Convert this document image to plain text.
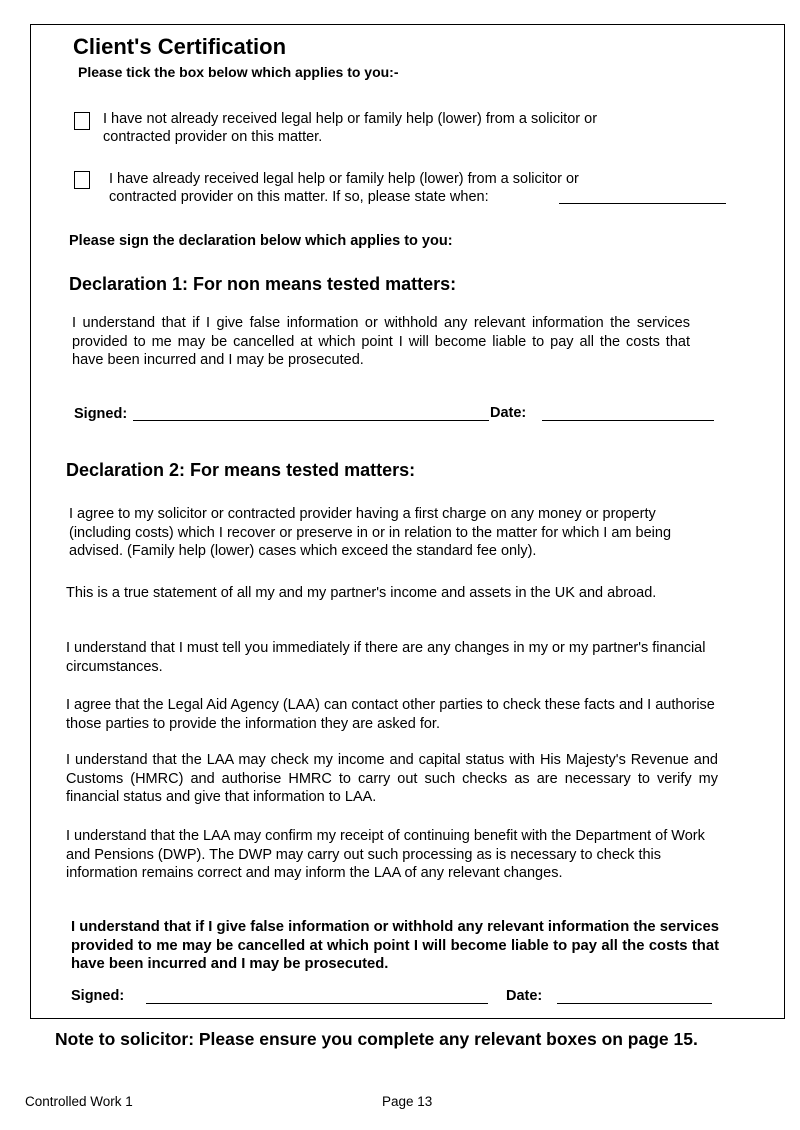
Client's Certification
Please tick the box below which applies to you:-
I have not already received legal help or family help (lower) from a solicitor or
contracted provider on this matter.
I have already received legal help or family help (lower) from a solicitor or
contracted provider on this matter. If so, please state when:
Please sign the declaration below which applies to you:
Declaration 1: For non means tested matters:
I understand that if I give false information or withhold any relevant information the services provided to me may be cancelled at which point I will become liable to pay all the costs that have been incurred and I may be prosecuted.
Signed:	Date:
Declaration 2: For means tested matters:
I agree to my solicitor or contracted provider having a first charge on any money or property (including costs) which I recover or preserve in or in relation to the matter for which I am being advised. (Family help (lower) cases which exceed the standard fee only).
This is a true statement of all my and my partner's income and assets in the UK and abroad.
I understand that I must tell you immediately if there are any changes in my or my partner's financial circumstances.
I agree that the Legal Aid Agency (LAA) can contact other parties to check these facts and I authorise those parties to provide the information they are asked for.
I understand that the LAA may check my income and capital status with His Majesty's Revenue and Customs (HMRC) and authorise HMRC to carry out such checks as are necessary to verify my financial status and give that information to LAA.
I understand that the LAA may confirm my receipt of continuing benefit with the Department of Work and Pensions (DWP). The DWP may carry out such processing as is necessary to check this information remains correct and may inform the LAA of any relevant changes.
I understand that if I give false information or withhold any relevant information the services provided to me may be cancelled at which point I will become liable to pay all the costs that have been incurred and I may be prosecuted.
Signed:	Date:
Note to solicitor: Please ensure you complete any relevant boxes on page 15.
Controlled Work 1	Page 13
